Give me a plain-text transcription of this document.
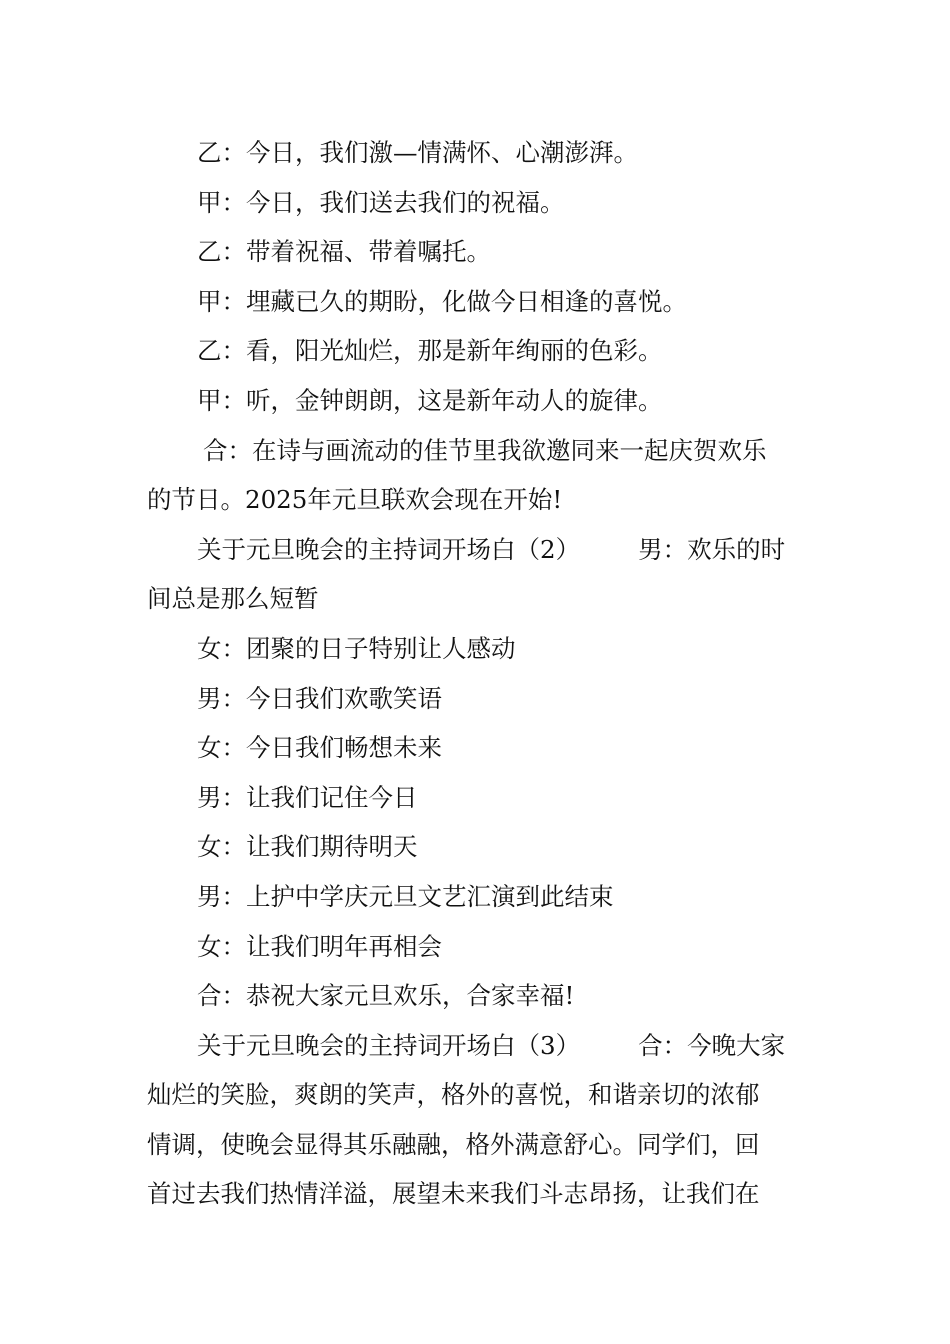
乙：今日，我们激—情满怀、心潮澎湃。
甲：今日，我们送去我们的祝福。
乙：带着祝福、带着嘱托。
甲：埋藏已久的期盼，化做今日相逢的喜悦。
乙：看，阳光灿烂，那是新年绚丽的色彩。
甲：听，金钟朗朗，这是新年动人的旋律。
合：在诗与画流动的佳节里我欲邀同来一起庆贺欢乐
的节日。2025年元旦联欢会现在开始!
关于元旦晚会的主持词开场白（2） 男：欢乐的时
间总是那么短暂
女：团聚的日子特别让人感动
男：今日我们欢歌笑语
女：今日我们畅想未来
男：让我们记住今日
女：让我们期待明天
男：上护中学庆元旦文艺汇演到此结束
女：让我们明年再相会
合：恭祝大家元旦欢乐，合家幸福!
关于元旦晚会的主持词开场白（3） 合：今晚大家
灿烂的笑脸，爽朗的笑声，格外的喜悦，和谐亲切的浓郁
情调，使晚会显得其乐融融，格外满意舒心。同学们，回
首过去我们热情洋溢，展望未来我们斗志昂扬，让我们在
